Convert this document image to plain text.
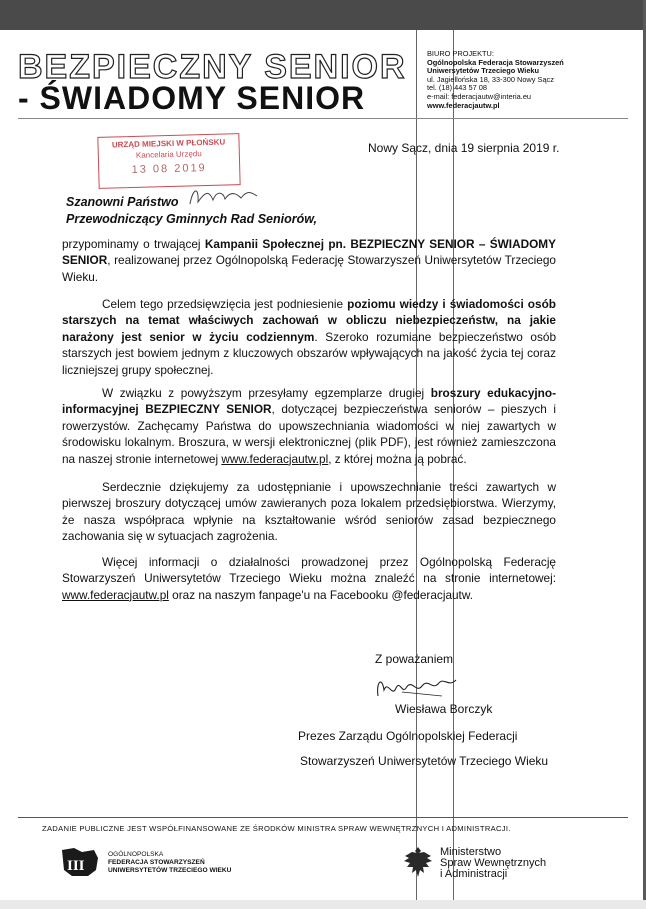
BEZPIECZNY SENIOR
- ŚWIADOMY SENIOR
BIURO PROJEKTU:
Ogólnopolska Federacja Stowarzyszeń
Uniwersytetów Trzeciego Wieku
ul. Jagiellońska 18, 33-300 Nowy Sącz
tel. (18) 443 57 08
e-mail: federacjautw@interia.eu
www.federacjautw.pl
URZĄD MIEJSKI W PŁOŃSKU
Kancelaria Urzędu
13 08 2019
Nowy Sącz, dnia 19 sierpnia 2019 r.
Szanowni Państwo
Przewodniczący Gminnych Rad Seniorów,

przypominamy o trwającej Kampanii Społecznej pn. BEZPIECZNY SENIOR – ŚWIADOMY SENIOR, realizowanej przez Ogólnopolską Federację Stowarzyszeń Uniwersytetów Trzeciego Wieku.

Celem tego przedsięwzięcia jest podniesienie poziomu wiedzy i świadomości osób starszych na temat właściwych zachowań w obliczu niebezpieczeństw, na jakie narażony jest senior w życiu codziennym. Szeroko rozumiane bezpieczeństwo osób starszych jest bowiem jednym z kluczowych obszarów wpływających na jakość życia tej coraz liczniejszej grupy społecznej.

W związku z powyższym przesyłamy egzemplarze drugiej broszury edukacyjno-informacyjnej BEZPIECZNY SENIOR, dotyczącej bezpieczeństwa seniorów – pieszych i rowerzystów. Zachęcamy Państwa do upowszechniania wiadomości w niej zawartych w środowisku lokalnym. Broszura, w wersji elektronicznej (plik PDF), jest również zamieszczona na naszej stronie internetowej www.federacjautw.pl, z której można ją pobrać.

Serdecznie dziękujemy za udostępnianie i upowszechnianie treści zawartych w pierwszej broszury dotyczącej umów zawieranych poza lokalem przedsiębiorstwa. Wierzymy, że nasza współpraca wpłynie na kształtowanie wśród seniorów zasad bezpiecznego zachowania się w sytuacjach zagrożenia.

Więcej informacji o działalności prowadzonej przez Ogólnopolską Federację Stowarzyszeń Uniwersytetów Trzeciego Wieku można znaleźć na stronie internetowej: www.federacjautw.pl oraz na naszym fanpage'u na Facebooku @federacjautw.

Z poważaniem
Wiesława Borczyk
Prezes Zarządu Ogólnopolskiej Federacji
Stowarzyszeń Uniwersytetów Trzeciego Wieku
ZADANIE PUBLICZNE JEST WSPÓŁFINANSOWANE ZE ŚRODKÓW MINISTRA SPRAW WEWNĘTRZNYCH I ADMINISTRACJI.
III
OGÓLNOPOLSKA
FEDERACJA STOWARZYSZEŃ
UNIWERSYTETÓW TRZECIEGO WIEKU
Ministerstwo
Spraw Wewnętrznych
i Administracji
